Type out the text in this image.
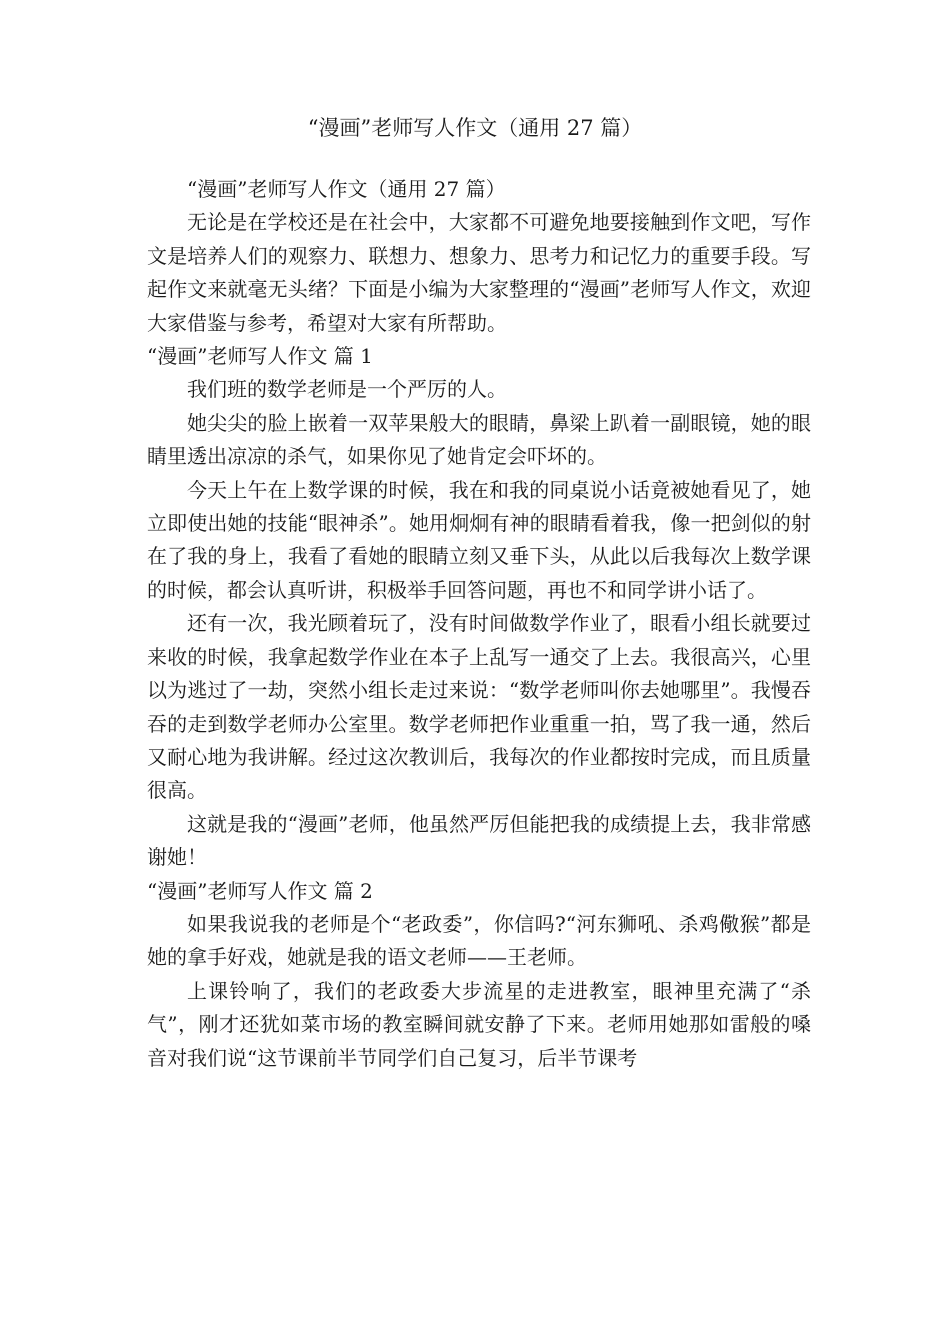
“漫画”老师写人作文（通用 27 篇）

“漫画”老师写人作文（通用 27 篇）

无论是在学校还是在社会中，大家都不可避免地要接触到作文吧，写作文是培养人们的观察力、联想力、想象力、思考力和记忆力的重要手段。写起作文来就毫无头绪？下面是小编为大家整理的“漫画”老师写人作文，欢迎大家借鉴与参考，希望对大家有所帮助。

“漫画”老师写人作文 篇 1

我们班的数学老师是一个严厉的人。

她尖尖的脸上嵌着一双苹果般大的眼睛，鼻梁上趴着一副眼镜，她的眼睛里透出凉凉的杀气，如果你见了她肯定会吓坏的。

今天上午在上数学课的时候，我在和我的同桌说小话竟被她看见了，她立即使出她的技能“眼神杀”。她用炯炯有神的眼睛看着我，像一把剑似的射在了我的身上，我看了看她的眼睛立刻又垂下头，从此以后我每次上数学课的时候，都会认真听讲，积极举手回答问题，再也不和同学讲小话了。

还有一次，我光顾着玩了，没有时间做数学作业了，眼看小组长就要过来收的时候，我拿起数学作业在本子上乱写一通交了上去。我很高兴，心里以为逃过了一劫，突然小组长走过来说：“数学老师叫你去她哪里”。我慢吞吞的走到数学老师办公室里。数学老师把作业重重一拍，骂了我一通，然后又耐心地为我讲解。经过这次教训后，我每次的作业都按时完成，而且质量很高。

这就是我的“漫画”老师，他虽然严厉但能把我的成绩提上去，我非常感谢她！

“漫画”老师写人作文 篇 2

如果我说我的老师是个“老政委”，你信吗?“河东狮吼、杀鸡儆猴”都是她的拿手好戏，她就是我的语文老师——王老师。

上课铃响了，我们的老政委大步流星的走进教室，眼神里充满了“杀气”，刚才还犹如菜市场的教室瞬间就安静了下来。老师用她那如雷般的嗓音对我们说“这节课前半节同学们自己复习，后半节课考
